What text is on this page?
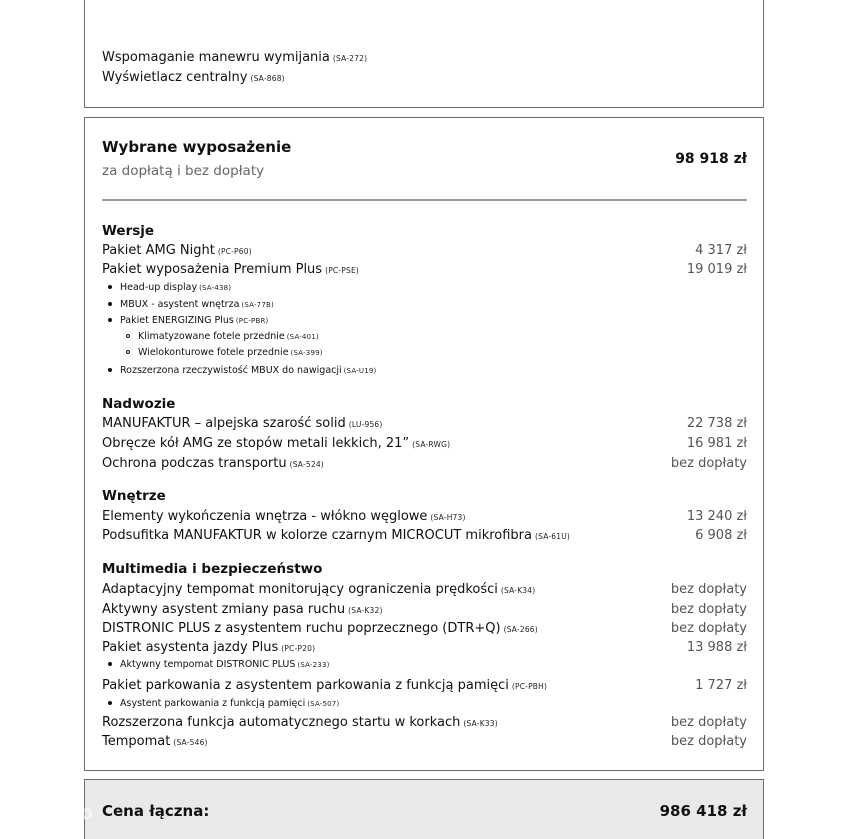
Wspomaganie manewru wymijania (SA-272)
Wyświetlacz centralny (SA-868)
Wybrane wyposażenie
za dopłatą i bez dopłaty
98 918 zł
Wersje
Pakiet AMG Night (PC-P60)	4 317 zł
Pakiet wyposażenia Premium Plus (PC-PSE)	19 019 zł
Head-up display (SA-438)
MBUX - asystent wnętrza (SA-77B)
Pakiet ENERGIZING Plus (PC-PBR)
Klimatyzowane fotele przednie (SA-401)
Wielokonturowe fotele przednie (SA-399)
Rozszerzona rzeczywistość MBUX do nawigacji (SA-U19)
Nadwozie
MANUFAKTUR – alpejska szarość solid (LU-956)	22 738 zł
Obręcze kół AMG ze stopów metali lekkich, 21” (SA-RWG)	16 981 zł
Ochrona podczas transportu (SA-524)	bez dopłaty
Wnętrze
Elementy wykończenia wnętrza - włókno węglowe (SA-H73)	13 240 zł
Podsufitka MANUFAKTUR w kolorze czarnym MICROCUT mikrofibra (SA-61U)	6 908 zł
Multimedia i bezpieczeństwo
Adaptacyjny tempomat monitorujący ograniczenia prędkości (SA-K34)	bez dopłaty
Aktywny asystent zmiany pasa ruchu (SA-K32)	bez dopłaty
DISTRONIC PLUS z asystentem ruchu poprzecznego (DTR+Q) (SA-266)	bez dopłaty
Pakiet asystenta jazdy Plus (PC-P20)	13 988 zł
Aktywny tempomat DISTRONIC PLUS (SA-233)
Pakiet parkowania z asystentem parkowania z funkcją pamięci (PC-PBH)	1 727 zł
Asystent parkowania z funkcją pamięci (SA-507)
Rozszerzona funkcja automatycznego startu w korkach (SA-K33)	bez dopłaty
Tempomat (SA-546)	bez dopłaty
Cena łączna:	986 418 zł
otomoto
